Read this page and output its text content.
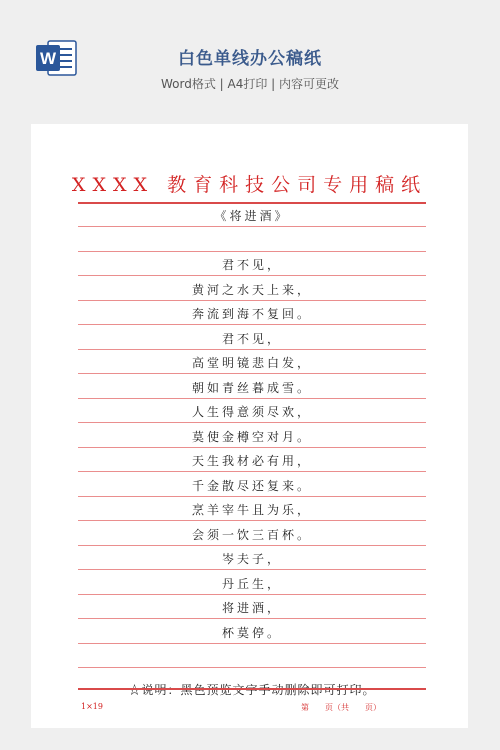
W	白色单线办公稿纸
Word格式 | A4打印 | 内容可更改
XXXX 教育科技公司专用稿纸
《将进酒》
君不见，
黄河之水天上来，
奔流到海不复回。
君不见，
高堂明镜悲白发，
朝如青丝暮成雪。
人生得意须尽欢，
莫使金樽空对月。
天生我材必有用，
千金散尽还复来。
烹羊宰牛且为乐，
会须一饮三百杯。
岑夫子，
丹丘生，
将进酒，
杯莫停。
1×19	第　　页（共　　页）
